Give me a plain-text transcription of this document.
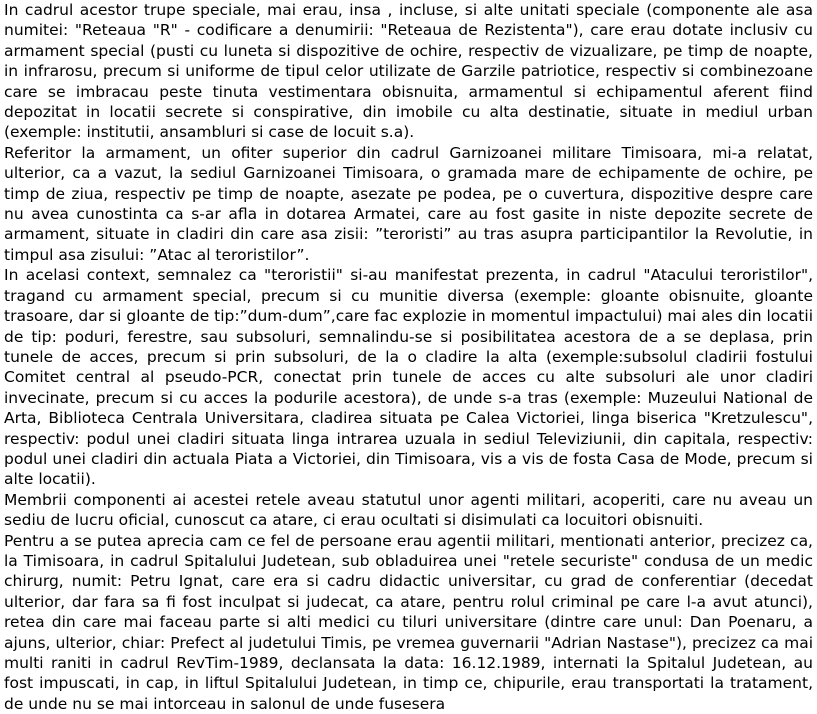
In cadrul acestor trupe speciale, mai erau, insa , incluse, si alte unitati speciale (componente ale asa numitei: "Reteaua "R" - codificare a denumirii: "Reteaua de Rezistenta"), care erau dotate inclusiv cu armament special (pusti cu luneta si dispozitive de ochire, respectiv de vizualizare, pe timp de noapte, in infrarosu, precum si uniforme de tipul celor utilizate de Garzile patriotice, respectiv si combinezoane care se imbracau peste tinuta vestimentara obisnuita, armamentul si echipamentul aferent fiind depozitat in locatii secrete si conspirative, din imobile cu alta destinatie, situate in mediul urban (exemple: institutii, ansambluri si case de locuit s.a).

Referitor la armament, un ofiter superior din cadrul Garnizoanei militare Timisoara, mi-a relatat, ulterior, ca a vazut, la sediul Garnizoanei Timisoara, o gramada mare de echipamente de ochire, pe timp de ziua, respectiv pe timp de noapte, asezate pe podea, pe o cuvertura, dispozitive despre care nu avea cunostinta ca s-ar afla in dotarea Armatei, care au fost gasite in niste depozite secrete de armament, situate in cladiri din care asa zisii: ”teroristi” au tras asupra participantilor la Revolutie, in timpul asa zisului: ”Atac al teroristilor”.

In acelasi context, semnalez ca "teroristii" si-au manifestat prezenta, in cadrul "Atacului teroristilor", tragand cu armament special, precum si cu munitie diversa (exemple: gloante obisnuite, gloante trasoare, dar si gloante de tip:”dum-dum”,care fac explozie in momentul impactului) mai ales din locatii de tip: poduri, ferestre, sau subsoluri, semnalindu-se si posibilitatea acestora de a se deplasa, prin tunele de acces, precum si prin subsoluri, de la o cladire la alta (exemple:subsolul cladirii fostului Comitet central al pseudo-PCR, conectat prin tunele de acces cu alte subsoluri ale unor cladiri invecinate, precum si cu acces la podurile acestora), de unde s-a tras (exemple: Muzeului National de Arta, Biblioteca Centrala Universitara, cladirea situata pe Calea Victoriei, linga biserica "Kretzulescu", respectiv: podul unei cladiri situata linga intrarea uzuala in sediul Televiziunii, din capitala, respectiv: podul unei cladiri din actuala Piata a Victoriei, din Timisoara, vis a vis de fosta Casa de Mode, precum si alte locatii).

Membrii componenti ai acestei retele aveau statutul unor agenti militari, acoperiti, care nu aveau un sediu de lucru oficial, cunoscut ca atare, ci erau ocultati si disimulati ca locuitori obisnuiti.

Pentru a se putea aprecia cam ce fel de persoane erau agentii militari, mentionati anterior, precizez ca, la Timisoara, in cadrul Spitalului Judetean, sub obladuirea unei "retele securiste" condusa de un medic chirurg, numit: Petru Ignat, care era si cadru didactic universitar, cu grad de conferentiar (decedat ulterior, dar fara sa fi fost inculpat si judecat, ca atare, pentru rolul criminal pe care l-a avut atunci), retea din care mai faceau parte si alti medici cu tiluri universitare (dintre care unul: Dan Poenaru, a ajuns, ulterior, chiar: Prefect al judetului Timis, pe vremea guvernarii "Adrian Nastase"), precizez ca mai multi raniti in cadrul RevTim-1989, declansata la data: 16.12.1989, internati la Spitalul Judetean, au fost impuscati, in cap, in liftul Spitalului Judetean, in timp ce, chipurile, erau transportati la tratament, de unde nu se mai intorceau in salonul de unde fusesera
